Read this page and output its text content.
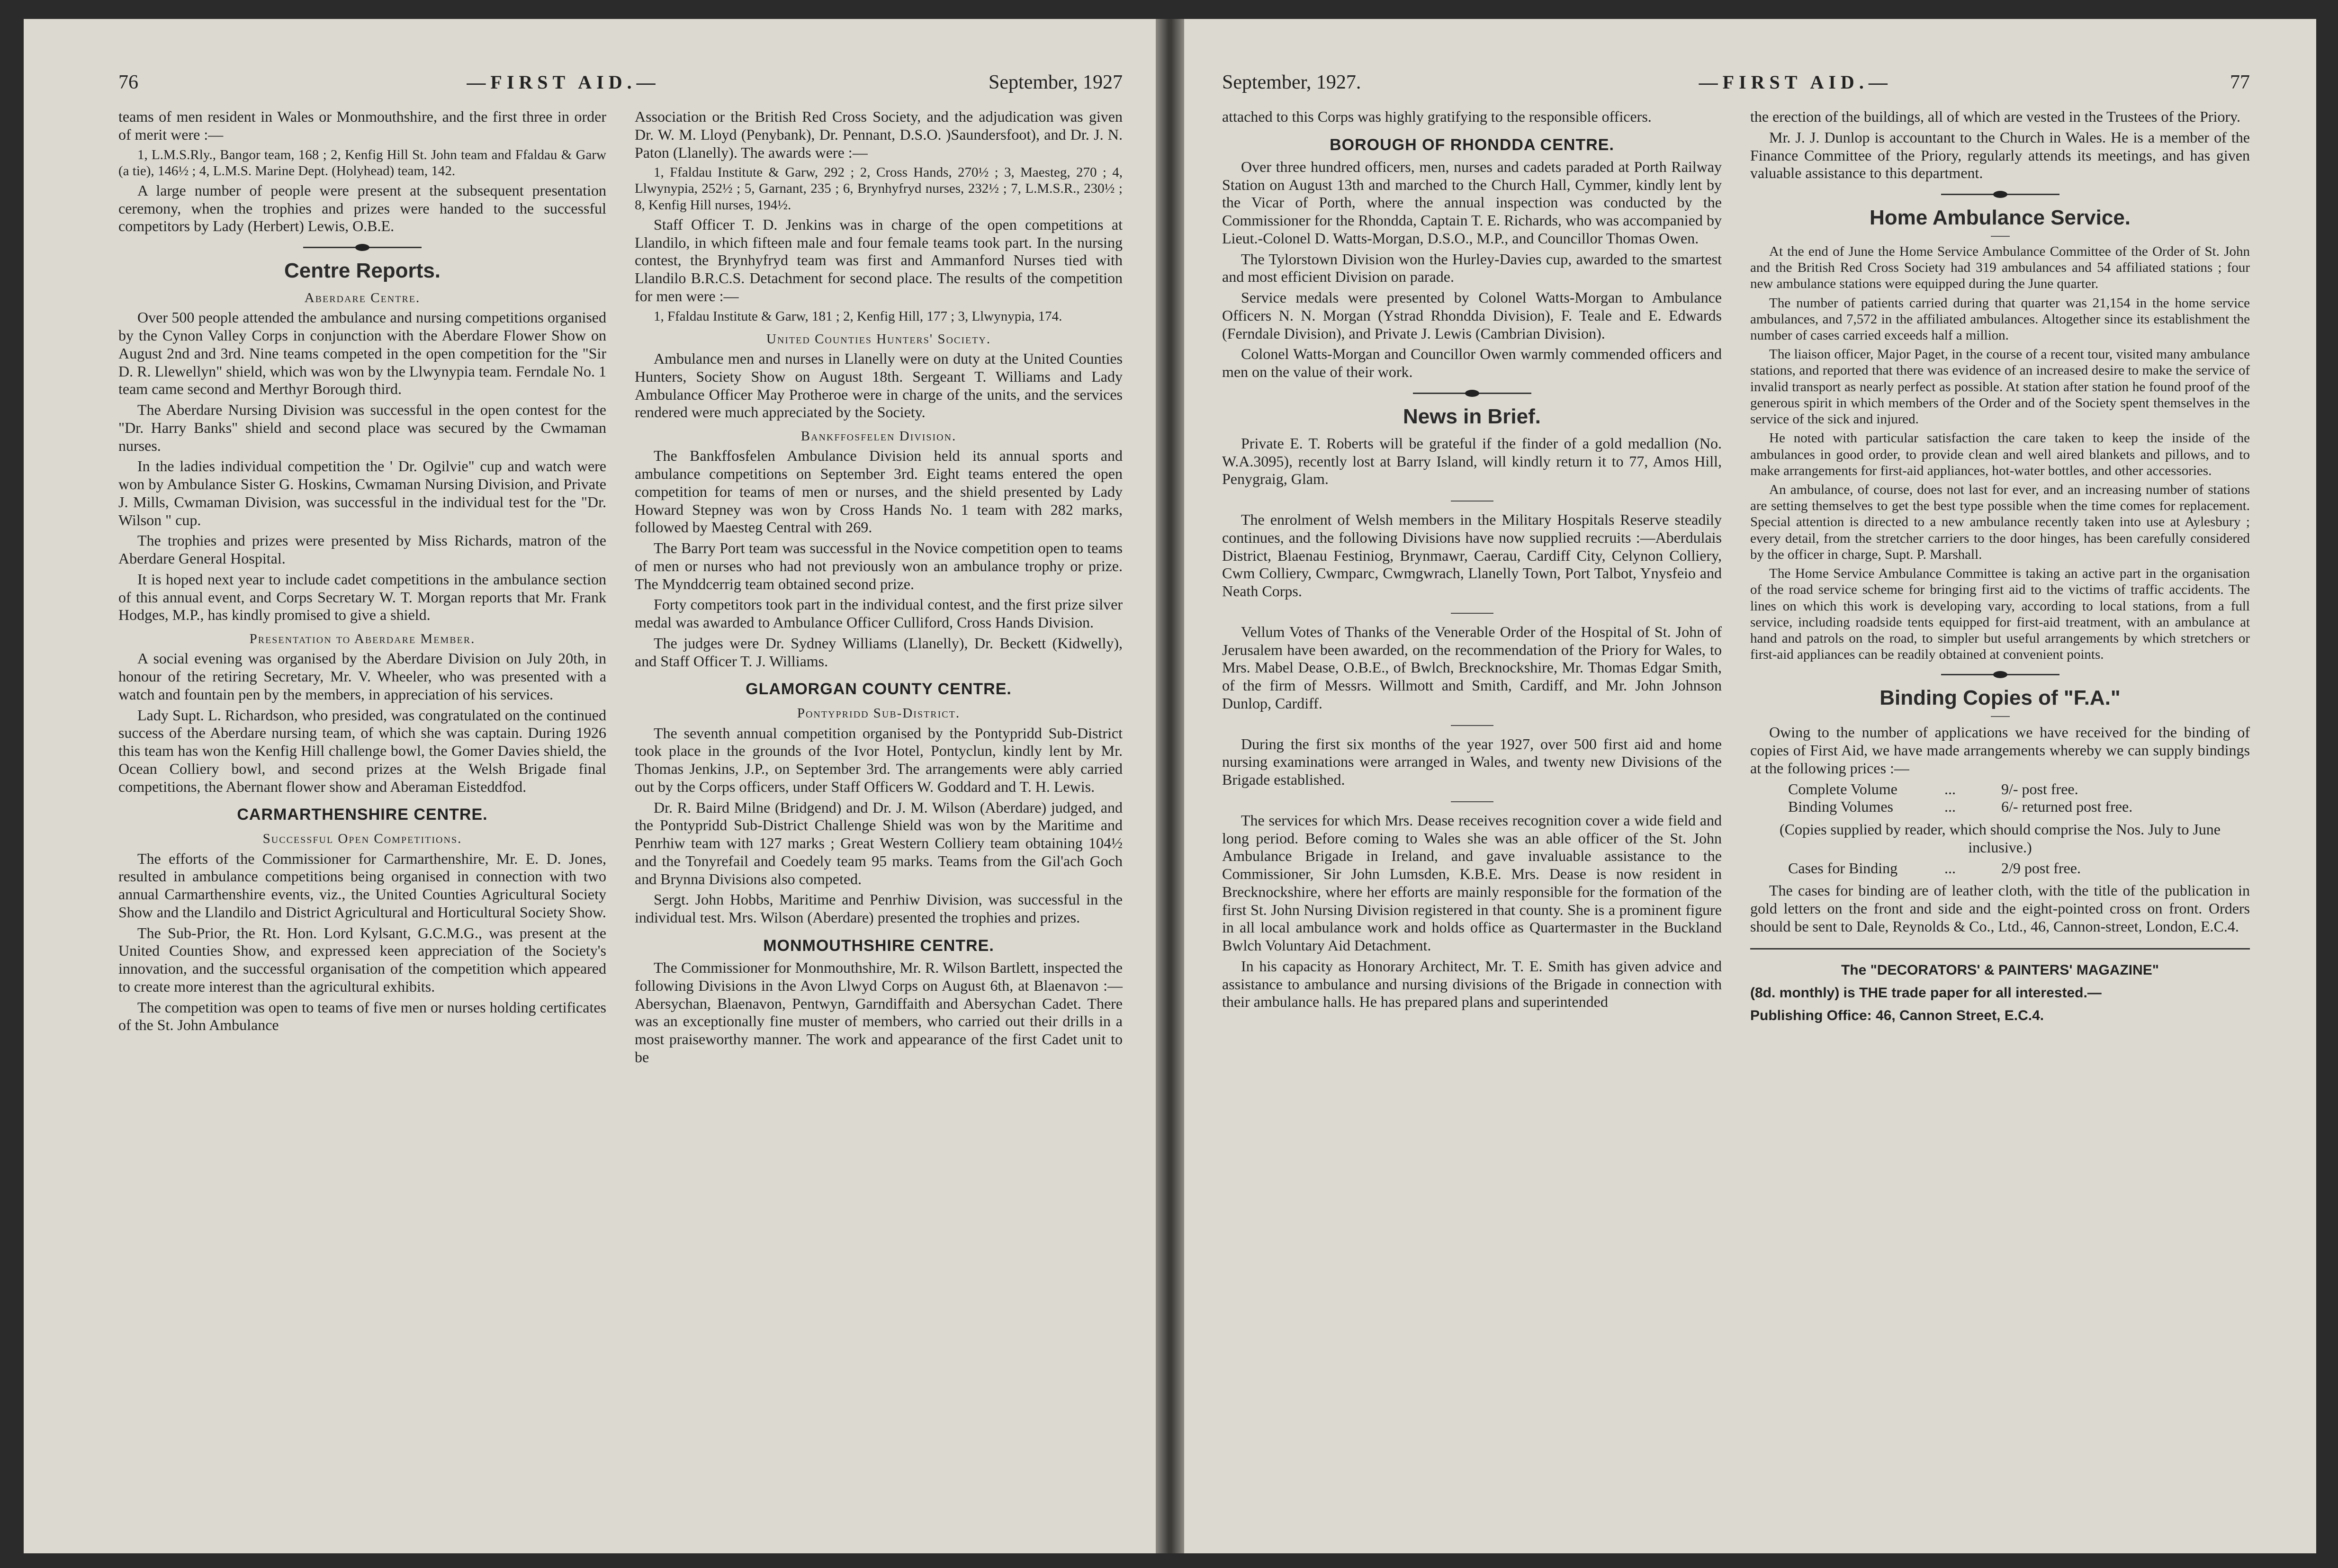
76	—FIRST AID.—	September, 1927

teams of men resident in Wales or Monmouthshire, and the first three in order of merit were :—

1, L.M.S.Rly., Bangor team, 168 ; 2, Kenfig Hill St. John team and Ffaldau & Garw (a tie), 146½ ; 4, L.M.S. Marine Dept. (Holyhead) team, 142.

A large number of people were present at the subsequent presentation ceremony, when the trophies and prizes were handed to the successful competitors by Lady (Herbert) Lewis, O.B.E.

Centre Reports.
Aberdare Centre.

Over 500 people attended the ambulance and nursing competitions organised by the Cynon Valley Corps in conjunction with the Aberdare Flower Show on August 2nd and 3rd. Nine teams competed in the open competition for the "Sir D. R. Llewellyn" shield, which was won by the Llwynypia team. Ferndale No. 1 team came second and Merthyr Borough third.

The Aberdare Nursing Division was successful in the open contest for the "Dr. Harry Banks" shield and second place was secured by the Cwmaman nurses.

In the ladies individual competition the ' Dr. Ogilvie" cup and watch were won by Ambulance Sister G. Hoskins, Cwmaman Nursing Division, and Private J. Mills, Cwmaman Division, was successful in the individual test for the "Dr. Wilson " cup.

The trophies and prizes were presented by Miss Richards, matron of the Aberdare General Hospital.

It is hoped next year to include cadet competitions in the ambulance section of this annual event, and Corps Secretary W. T. Morgan reports that Mr. Frank Hodges, M.P., has kindly promised to give a shield.

Presentation to Aberdare Member.

A social evening was organised by the Aberdare Division on July 20th, in honour of the retiring Secretary, Mr. V. Wheeler, who was presented with a watch and fountain pen by the members, in appreciation of his services.

Lady Supt. L. Richardson, who presided, was congratulated on the continued success of the Aberdare nursing team, of which she was captain. During 1926 this team has won the Kenfig Hill challenge bowl, the Gomer Davies shield, the Ocean Colliery bowl, and second prizes at the Welsh Brigade final competitions, the Abernant flower show and Aberaman Eisteddfod.

CARMARTHENSHIRE CENTRE.
Successful Open Competitions.

The efforts of the Commissioner for Carmarthenshire, Mr. E. D. Jones, resulted in ambulance competitions being organised in connection with two annual Carmarthenshire events, viz., the United Counties Agricultural Society Show and the Llandilo and District Agricultural and Horticultural Society Show.

The Sub-Prior, the Rt. Hon. Lord Kylsant, G.C.M.G., was present at the United Counties Show, and expressed keen appreciation of the Society's innovation, and the successful organisation of the competition which appeared to create more interest than the agricultural exhibits.

The competition was open to teams of five men or nurses holding certificates of the St. John Ambulance

Association or the British Red Cross Society, and the adjudication was given Dr. W. M. Lloyd (Penybank), Dr. Pennant, D.S.O. )Saundersfoot), and Dr. J. N. Paton (Llanelly). The awards were :—

1, Ffaldau Institute & Garw, 292 ; 2, Cross Hands, 270½ ; 3, Maesteg, 270 ; 4, Llwynypia, 252½ ; 5, Garnant, 235 ; 6, Brynhyfryd nurses, 232½ ; 7, L.M.S.R., 230½ ; 8, Kenfig Hill nurses, 194½.

Staff Officer T. D. Jenkins was in charge of the open competitions at Llandilo, in which fifteen male and four female teams took part. In the nursing contest, the Brynhyfryd team was first and Ammanford Nurses tied with Llandilo B.R.C.S. Detachment for second place. The results of the competition for men were :—

1, Ffaldau Institute & Garw, 181 ; 2, Kenfig Hill, 177 ; 3, Llwynypia, 174.

United Counties Hunters' Society.

Ambulance men and nurses in Llanelly were on duty at the United Counties Hunters, Society Show on August 18th. Sergeant T. Williams and Lady Ambulance Officer May Protheroe were in charge of the units, and the services rendered were much appreciated by the Society.

Bankffosfelen Division.

The Bankffosfelen Ambulance Division held its annual sports and ambulance competitions on September 3rd. Eight teams entered the open competition for teams of men or nurses, and the shield presented by Lady Howard Stepney was won by Cross Hands No. 1 team with 282 marks, followed by Maesteg Central with 269.

The Barry Port team was successful in the Novice competition open to teams of men or nurses who had not previously won an ambulance trophy or prize. The Mynddcerrig team obtained second prize.

Forty competitors took part in the individual contest, and the first prize silver medal was awarded to Ambulance Officer Culliford, Cross Hands Division.

The judges were Dr. Sydney Williams (Llanelly), Dr. Beckett (Kidwelly), and Staff Officer T. J. Williams.

GLAMORGAN COUNTY CENTRE.
Pontypridd Sub-District.

The seventh annual competition organised by the Pontypridd Sub-District took place in the grounds of the Ivor Hotel, Pontyclun, kindly lent by Mr. Thomas Jenkins, J.P., on September 3rd. The arrangements were ably carried out by the Corps officers, under Staff Officers W. Goddard and T. H. Lewis.

Dr. R. Baird Milne (Bridgend) and Dr. J. M. Wilson (Aberdare) judged, and the Pontypridd Sub-District Challenge Shield was won by the Maritime and Penrhiw team with 127 marks ; Great Western Colliery team obtaining 104½ and the Tonyrefail and Coedely team 95 marks. Teams from the Gil'ach Goch and Brynna Divisions also competed.

Sergt. John Hobbs, Maritime and Penrhiw Division, was successful in the individual test. Mrs. Wilson (Aberdare) presented the trophies and prizes.

MONMOUTHSHIRE CENTRE.

The Commissioner for Monmouthshire, Mr. R. Wilson Bartlett, inspected the following Divisions in the Avon Llwyd Corps on August 6th, at Blaenavon :—Abersychan, Blaenavon, Pentwyn, Garndiffaith and Abersychan Cadet. There was an exceptionally fine muster of members, who carried out their drills in a most praiseworthy manner. The work and appearance of the first Cadet unit to be

September, 1927.	—FIRST AID.—	77

attached to this Corps was highly gratifying to the responsible officers.

BOROUGH OF RHONDDA CENTRE.

Over three hundred officers, men, nurses and cadets paraded at Porth Railway Station on August 13th and marched to the Church Hall, Cymmer, kindly lent by the Vicar of Porth, where the annual inspection was conducted by the Commissioner for the Rhondda, Captain T. E. Richards, who was accompanied by Lieut.-Colonel D. Watts-Morgan, D.S.O., M.P., and Councillor Thomas Owen.

The Tylorstown Division won the Hurley-Davies cup, awarded to the smartest and most efficient Division on parade.

Service medals were presented by Colonel Watts-Morgan to Ambulance Officers N. N. Morgan (Ystrad Rhondda Division), F. Teale and E. Edwards (Ferndale Division), and Private J. Lewis (Cambrian Division).

Colonel Watts-Morgan and Councillor Owen warmly commended officers and men on the value of their work.

News in Brief.

Private E. T. Roberts will be grateful if the finder of a gold medallion (No. W.A.3095), recently lost at Barry Island, will kindly return it to 77, Amos Hill, Penygraig, Glam.

The enrolment of Welsh members in the Military Hospitals Reserve steadily continues, and the following Divisions have now supplied recruits :—Aberdulais District, Blaenau Festiniog, Brynmawr, Caerau, Cardiff City, Celynon Colliery, Cwm Colliery, Cwmparc, Cwmgwrach, Llanelly Town, Port Talbot, Ynysfeio and Neath Corps.

Vellum Votes of Thanks of the Venerable Order of the Hospital of St. John of Jerusalem have been awarded, on the recommendation of the Priory for Wales, to Mrs. Mabel Dease, O.B.E., of Bwlch, Brecknockshire, Mr. Thomas Edgar Smith, of the firm of Messrs. Willmott and Smith, Cardiff, and Mr. John Johnson Dunlop, Cardiff.

During the first six months of the year 1927, over 500 first aid and home nursing examinations were arranged in Wales, and twenty new Divisions of the Brigade established.

The services for which Mrs. Dease receives recognition cover a wide field and long period. Before coming to Wales she was an able officer of the St. John Ambulance Brigade in Ireland, and gave invaluable assistance to the Commissioner, Sir John Lumsden, K.B.E. Mrs. Dease is now resident in Brecknockshire, where her efforts are mainly responsible for the formation of the first St. John Nursing Division registered in that county. She is a prominent figure in all local ambulance work and holds office as Quartermaster in the Buckland Bwlch Voluntary Aid Detachment.

In his capacity as Honorary Architect, Mr. T. E. Smith has given advice and assistance to ambulance and nursing divisions of the Brigade in connection with their ambulance halls. He has prepared plans and superintended

the erection of the buildings, all of which are vested in the Trustees of the Priory.

Mr. J. J. Dunlop is accountant to the Church in Wales. He is a member of the Finance Committee of the Priory, regularly attends its meetings, and has given valuable assistance to this department.

Home Ambulance Service.

At the end of June the Home Service Ambulance Committee of the Order of St. John and the British Red Cross Society had 319 ambulances and 54 affiliated stations ; four new ambulance stations were equipped during the June quarter.

The number of patients carried during that quarter was 21,154 in the home service ambulances, and 7,572 in the affiliated ambulances. Altogether since its establishment the number of cases carried exceeds half a million.

The liaison officer, Major Paget, in the course of a recent tour, visited many ambulance stations, and reported that there was evidence of an increased desire to make the service of invalid transport as nearly perfect as possible. At station after station he found proof of the generous spirit in which members of the Order and of the Society spent themselves in the service of the sick and injured.

He noted with particular satisfaction the care taken to keep the inside of the ambulances in good order, to provide clean and well aired blankets and pillows, and to make arrangements for first-aid appliances, hot-water bottles, and other accessories.

An ambulance, of course, does not last for ever, and an increasing number of stations are setting themselves to get the best type possible when the time comes for replacement. Special attention is directed to a new ambulance recently taken into use at Aylesbury ; every detail, from the stretcher carriers to the door hinges, has been carefully considered by the officer in charge, Supt. P. Marshall.

The Home Service Ambulance Committee is taking an active part in the organisation of the road service scheme for bringing first aid to the victims of traffic accidents. The lines on which this work is developing vary, according to local stations, from a full service, including roadside tents equipped for first-aid treatment, with an ambulance at hand and patrols on the road, to simpler but useful arrangements by which stretchers or first-aid appliances can be readily obtained at convenient points.

Binding Copies of "F.A."

Owing to the number of applications we have received for the binding of copies of First Aid, we have made arrangements whereby we can supply bindings at the following prices :—

Complete Volume	...	9/- post free.
Binding Volumes	...	6/- returned post free.
(Copies supplied by reader, which should comprise the Nos. July to June inclusive.)
Cases for Binding	...	2/9 post free.

The cases for binding are of leather cloth, with the title of the publication in gold letters on the front and side and the eight-pointed cross on front. Orders should be sent to Dale, Reynolds & Co., Ltd., 46, Cannon-street, London, E.C.4.

The "DECORATORS' & PAINTERS' MAGAZINE"
(8d. monthly) is THE trade paper for all interested.—
Publishing Office: 46, Cannon Street, E.C.4.
